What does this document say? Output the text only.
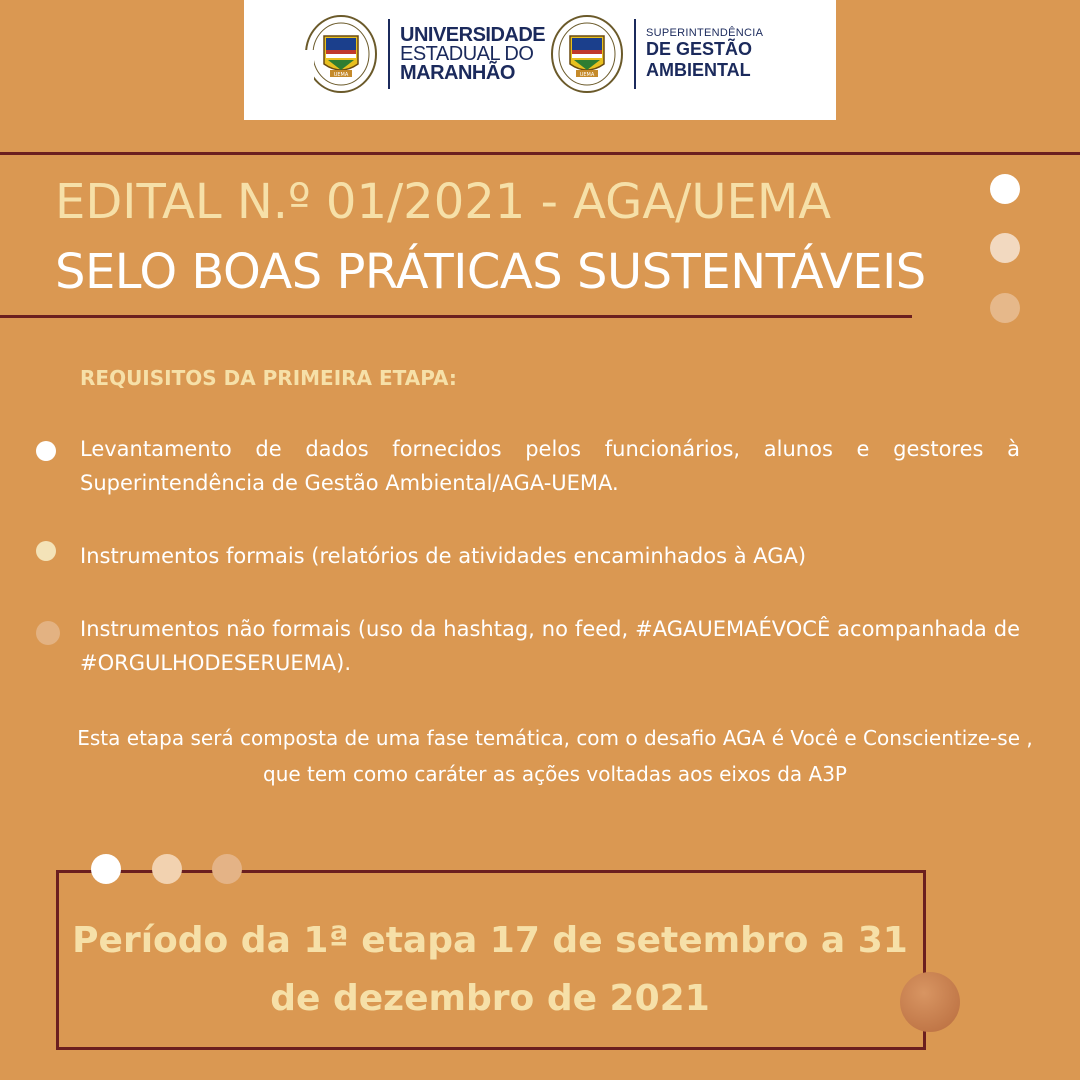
UEMA
UNIVERSIDADE
ESTADUAL DO
MARANHÃO	UEMA
SUPERINTENDÊNCIA
DE GESTÃO
AMBIENTAL
EDITAL N.º 01/2021 - AGA/UEMA
SELO BOAS PRÁTICAS SUSTENTÁVEIS
REQUISITOS DA PRIMEIRA ETAPA:
Levantamento de dados fornecidos pelos funcionários, alunos e gestores à Superintendência de Gestão Ambiental/AGA-UEMA.
Instrumentos formais (relatórios de atividades encaminhados à AGA)
Instrumentos não formais (uso da hashtag, no feed, #AGAUEMAÉVOCÊ acompanhada de #ORGULHODESERUEMA).
Esta etapa será composta de uma fase temática, com o desafio AGA é Você e Conscientize-se , que tem como caráter as ações voltadas aos eixos da A3P
Período da 1ª etapa 17 de setembro a 31
de dezembro de 2021
